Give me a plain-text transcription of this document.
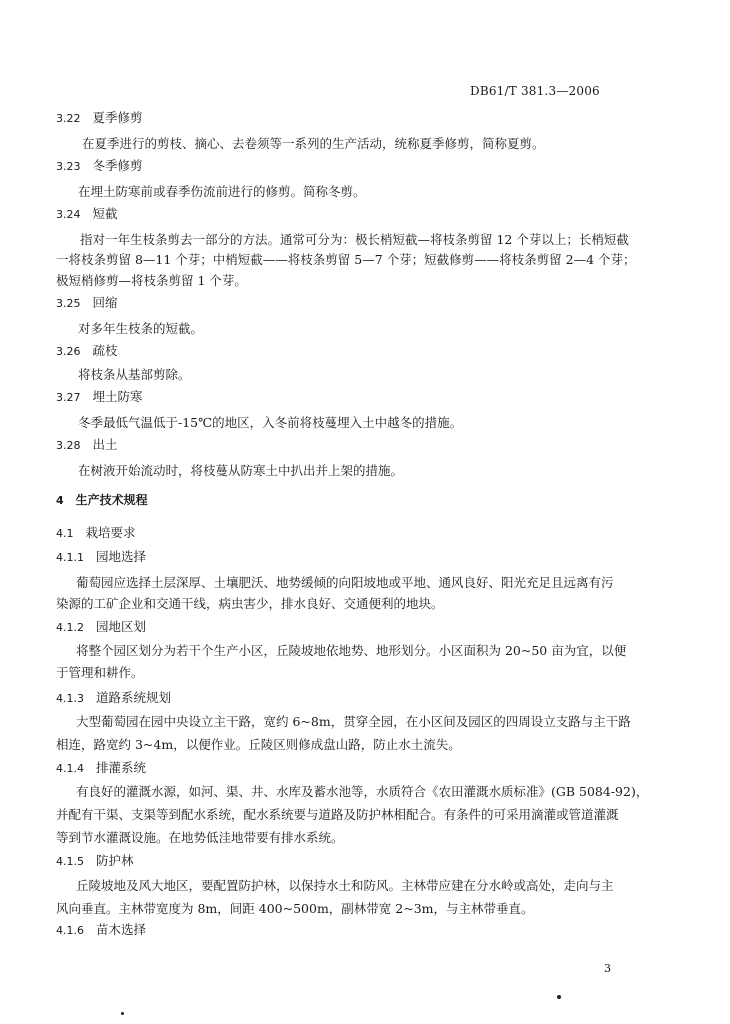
DB61/T 381.3—2006
3.22 夏季修剪
在夏季进行的剪枝、摘心、去卷须等一系列的生产活动，统称夏季修剪，简称夏剪。
3.23 冬季修剪
在埋土防寒前或春季伤流前进行的修剪。简称冬剪。
3.24 短截
指对一年生枝条剪去一部分的方法。通常可分为：极长梢短截—将枝条剪留 12 个芽以上；长梢短截
一将枝条剪留 8—11 个芽；中梢短截——将枝条剪留 5—7 个芽；短截修剪——将枝条剪留 2—4 个芽；
极短梢修剪—将枝条剪留 1 个芽。
3.25 回缩
对多年生枝条的短截。
3.26 疏枝
将枝条从基部剪除。
3.27 埋土防寒
冬季最低气温低于-15℃的地区，入冬前将枝蔓埋入土中越冬的措施。
3.28 出土
在树液开始流动时，将枝蔓从防寒土中扒出并上架的措施。
4 生产技术规程
4.1 栽培要求
4.1.1 园地选择
葡萄园应选择土层深厚、土壤肥沃、地势缓倾的向阳坡地或平地、通风良好、阳光充足且远离有污
染源的工矿企业和交通干线，病虫害少，排水良好、交通便利的地块。
4.1.2 园地区划
将整个园区划分为若干个生产小区，丘陵坡地依地势、地形划分。小区面积为 20~50 亩为宜，以便
于管理和耕作。
4.1.3 道路系统规划
大型葡萄园在园中央设立主干路，宽约 6~8m，贯穿全园，在小区间及园区的四周设立支路与主干路
相连，路宽约 3~4m，以便作业。丘陵区则修成盘山路，防止水土流失。
4.1.4 排灌系统
有良好的灌溉水源，如河、渠、井、水库及蓄水池等，水质符合《农田灌溉水质标准》(GB 5084-92)，
并配有干渠、支渠等到配水系统，配水系统要与道路及防护林相配合。有条件的可采用滴灌或管道灌溉
等到节水灌溉设施。在地势低洼地带要有排水系统。
4.1.5 防护林
丘陵坡地及风大地区，要配置防护林，以保持水土和防风。主林带应建在分水岭或高处，走向与主
风向垂直。主林带宽度为 8m，间距 400~500m，副林带宽 2~3m，与主林带垂直。
4.1.6 苗木选择
3
